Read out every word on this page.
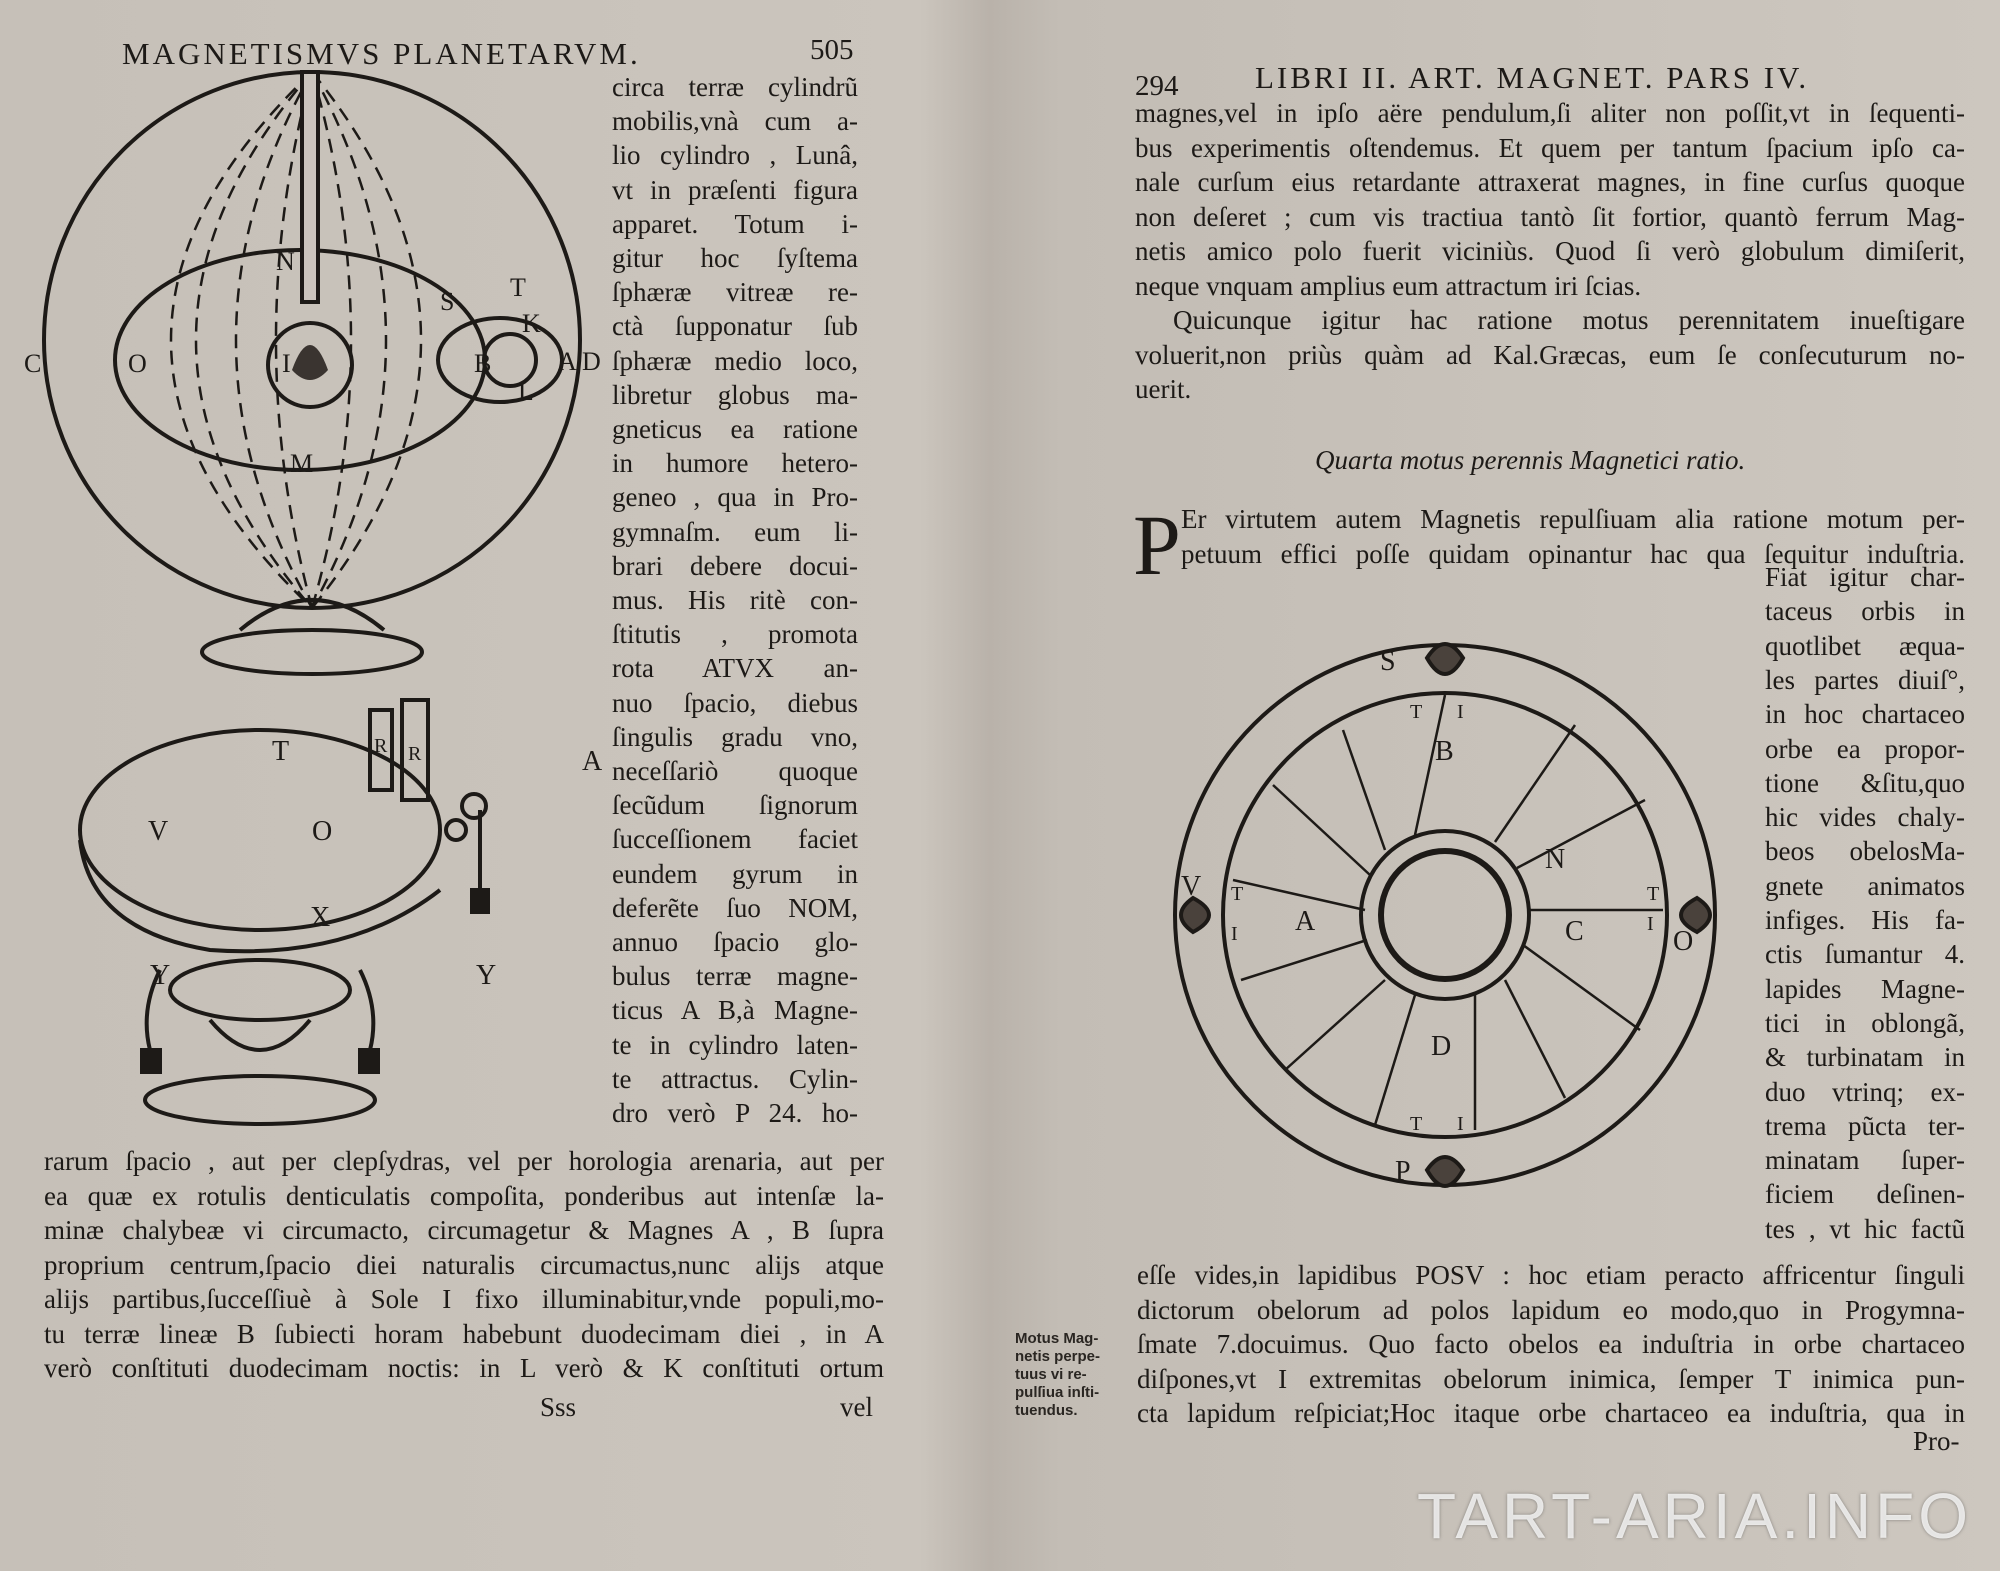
MAGNETISMVS PLANETARVM.	505
N
S T
K
I	B	A D
O
C
L
M
T
V	O
X
Y	Y
A
R R
circa terræ cylindrũ
mobilis,vnà cum a-
lio cylindro , Lunâ,
vt in præſenti figura
apparet. Totum i-
gitur hoc ſyſtema
ſphæræ vitreæ re-
ctà ſupponatur ſub
ſphæræ medio loco,
libretur globus ma-
gneticus ea ratione
in humore hetero-
geneo , qua in Pro-
gymnaſm. eum li-
brari debere docui-
mus. His ritè con-
ſtitutis , promota
rota ATVX an-
nuo ſpacio, diebus
ſingulis gradu vno,
neceſſariò quoque
ſecũdum ſignorum
ſucceſſionem faciet
eundem gyrum in
deferẽte ſuo NOM,
annuo ſpacio glo-
bulus terræ magne-
ticus A B,à Magne-
te in cylindro laten-
te attractus. Cylin-
dro verò P 24. ho-
rarum ſpacio , aut per clepſydras, vel per horologia arenaria, aut per
ea quæ ex rotulis denticulatis compoſita, ponderibus aut intenſæ la-
minæ chalybeæ vi circumacto, circumagetur & Magnes A , B ſupra
proprium centrum,ſpacio diei naturalis circumactus,nunc alijs atque
alijs partibus,ſucceſſiuè à Sole I fixo illuminabitur,vnde populi,mo-
tu terræ lineæ B ſubiecti horam habebunt duodecimam diei , in A
verò conſtituti duodecimam noctis: in L verò & K conſtituti ortum
Sss	vel
294 LIBRI II. ART. MAGNET. PARS IV.
magnes,vel in ipſo aëre pendulum,ſi aliter non poſſit,vt in ſequenti-
bus experimentis oſtendemus. Et quem per tantum ſpacium ipſo ca-
nale curſum eius retardante attraxerat magnes, in fine curſus quoque
non deſeret ; cum vis tractiua tantò ſit fortior, quantò ferrum Mag-
netis amico polo fuerit viciniùs. Quod ſi verò globulum dimiſerit,
neque vnquam amplius eum attractum iri ſcias.
Quicunque igitur hac ratione motus perennitatem inueſtigare
voluerit,non priùs quàm ad Kal.Græcas, eum ſe conſecuturum no-
uerit.
Quarta motus perennis Magnetici ratio.
P Er virtutem autem Magnetis repulſiuam alia ratione motum per-
petuum effici poſſe quidam opinantur hac qua ſequitur induſtria.
S
P
V
O
B
N
C
A
D
T I
T I
T
I
T
I
Fiat igitur char-
taceus orbis in
quotlibet æqua-
les partes diuiſ°,
in hoc chartaceo
orbe ea propor-
tione &ſitu,quo
hic vides chaly-
beos obelosMa-
gnete animatos
infiges. His fa-
ctis ſumantur 4.
lapides Magne-
tici in oblongã,
& turbinatam in
duo vtrinq; ex-
trema pũcta ter-
minatam ſuper-
ficiem deſinen-
tes , vt hic factũ
eſſe vides,in lapidibus POSV : hoc etiam peracto affricentur ſinguli
dictorum obelorum ad polos lapidum eo modo,quo in Progymna-
ſmate 7.docuimus. Quo facto obelos ea induſtria in orbe chartaceo
diſpones,vt I extremitas obelorum inimica, ſemper T inimica pun-
cta lapidum reſpiciat;Hoc itaque orbe chartaceo ea induſtria, qua in
Motus Mag-
netis perpe-
tuus vi re-
pulſiua inſti-
tuendus.
Pro-
TART-ARIA.INFO
